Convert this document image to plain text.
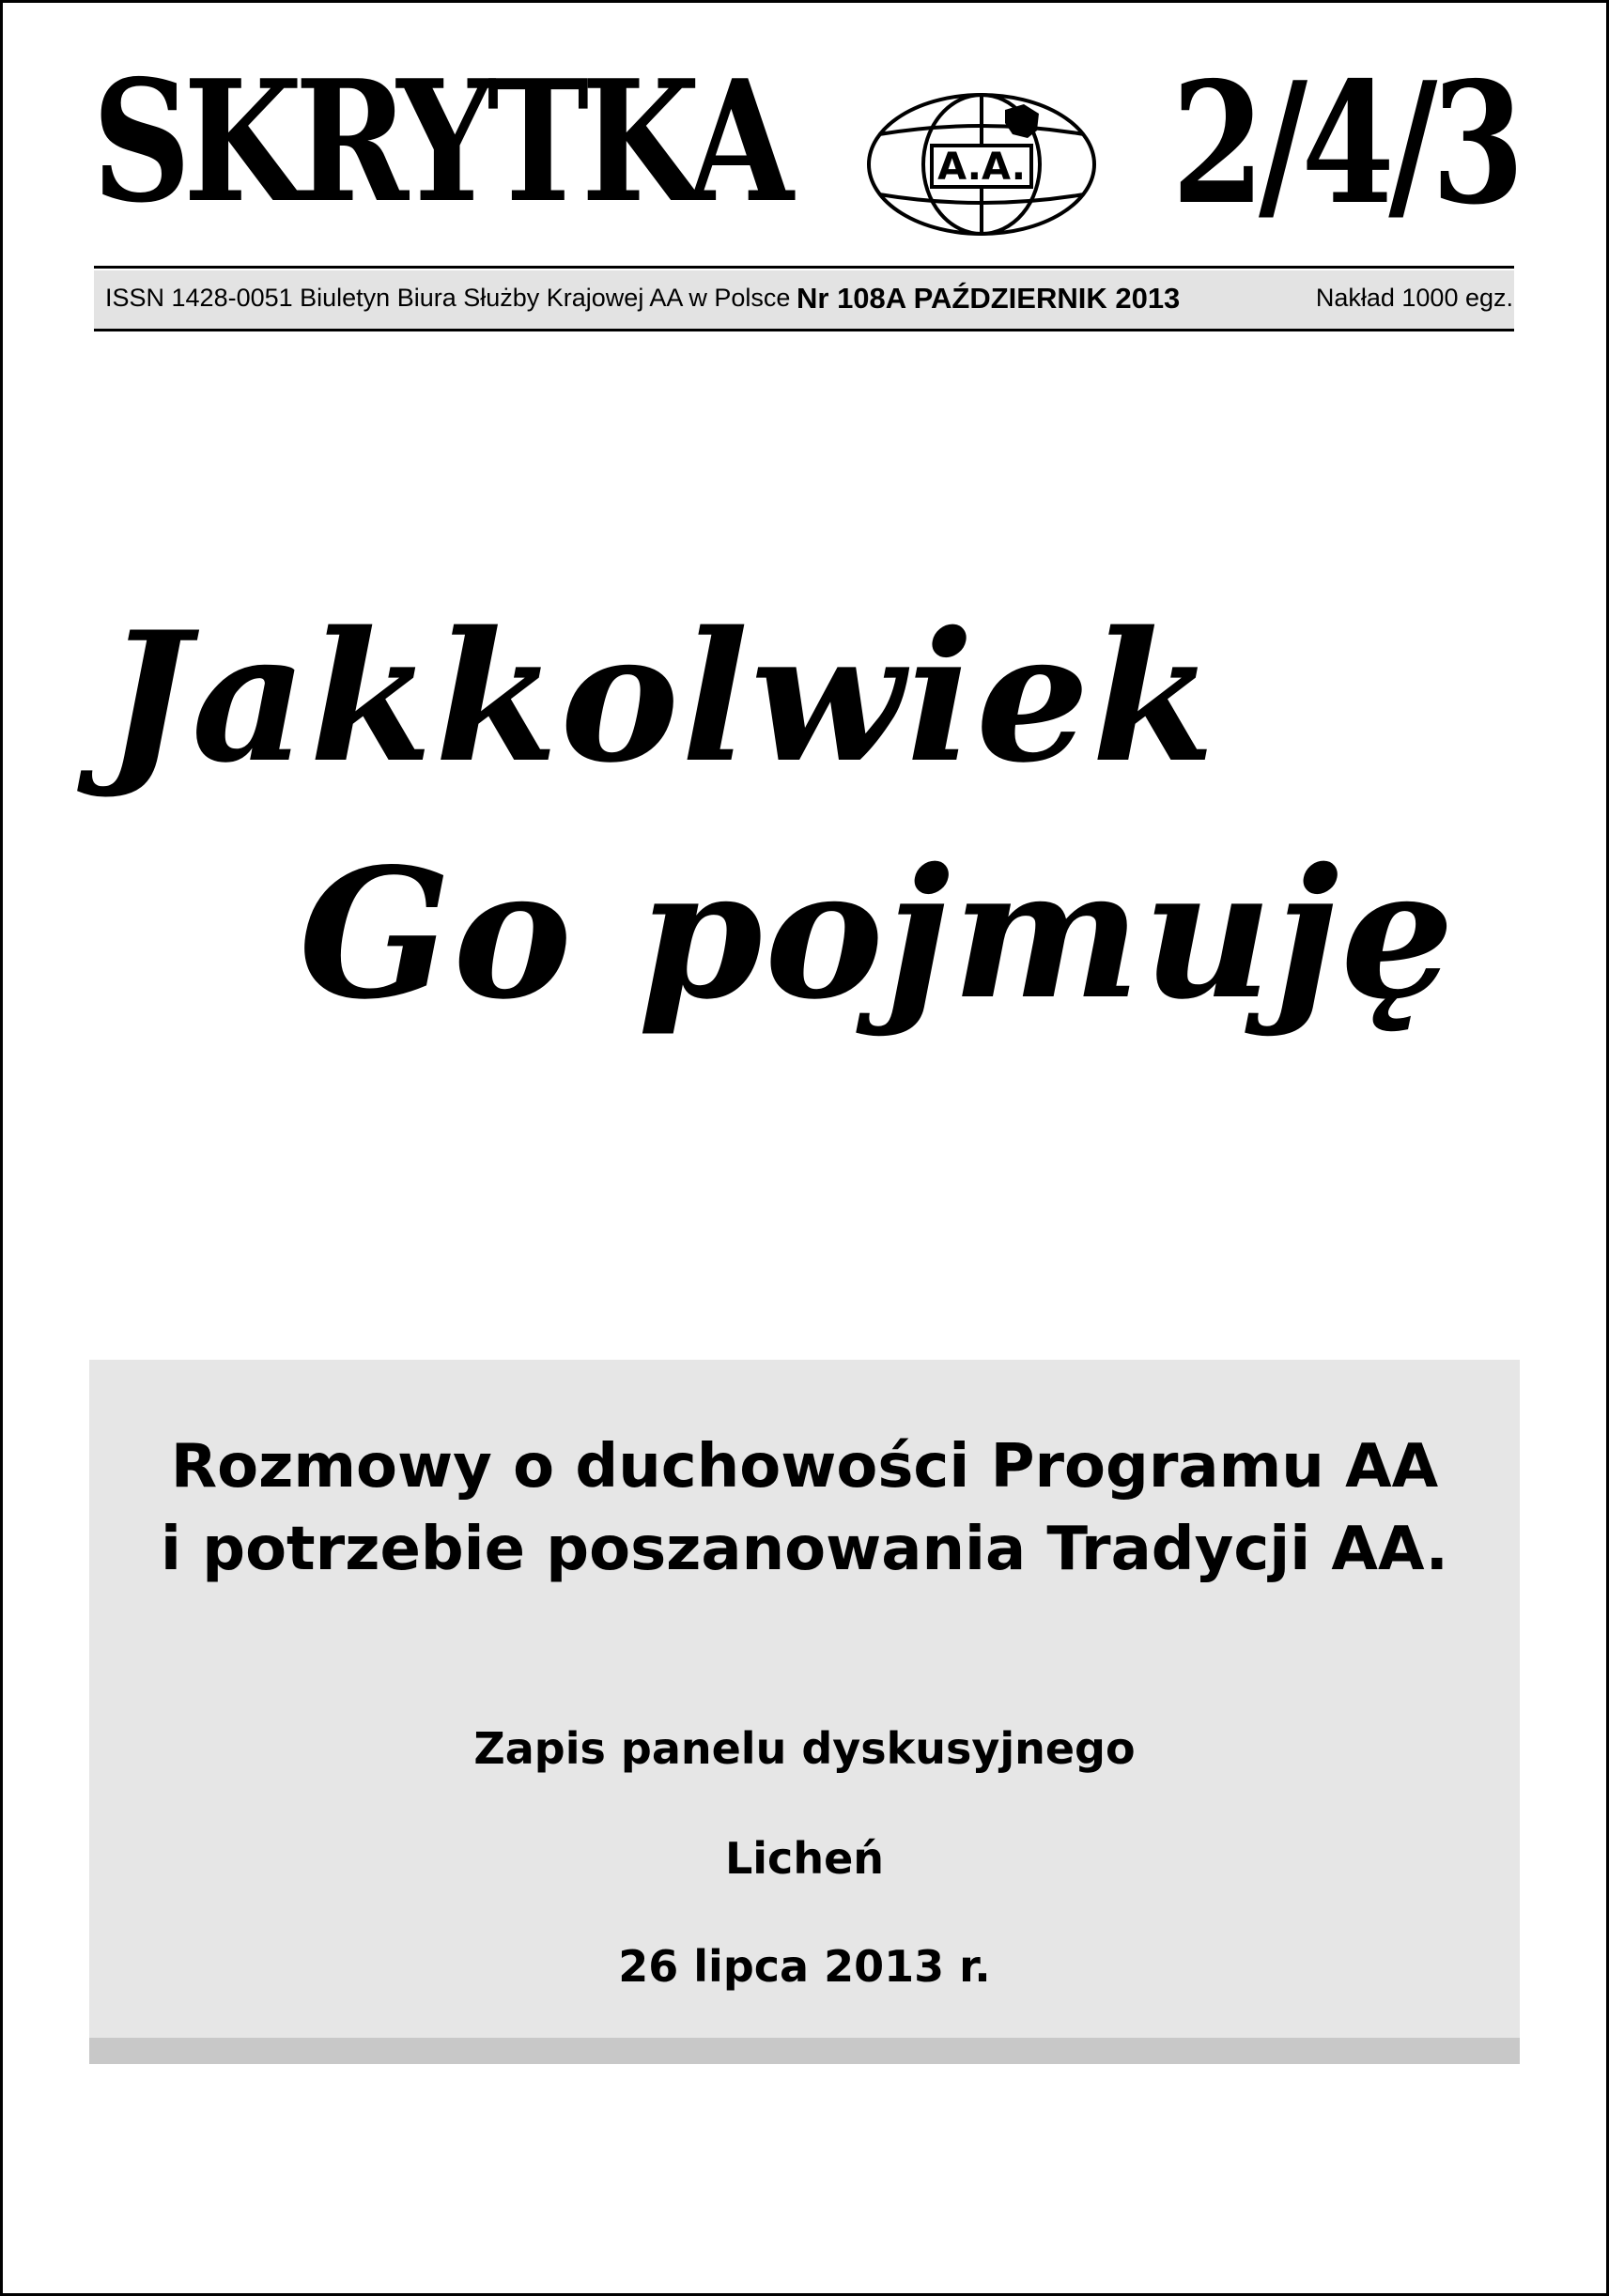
SKRYTKA	A.A. 2/4/3
ISSN 1428-0051 Biuletyn Biura Służby Krajowej AA w Polsce Nr 108A PAŹDZIERNIK 2013	Nakład 1000 egz.
Jakkolwiek
Go pojmuję
Rozmowy o duchowości Programu AA
i potrzebie poszanowania Tradycji AA.
Zapis panelu dyskusyjnego
Licheń
26 lipca 2013 r.
